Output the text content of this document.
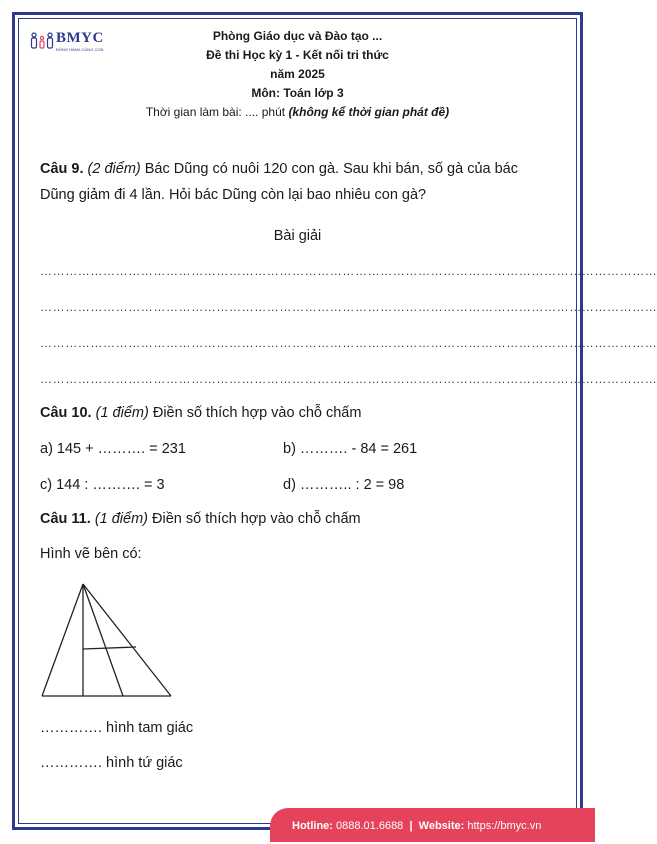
BMYC
ĐỒNG HÀNH CÙNG CON
Phòng Giáo dục và Đào tạo ...
Đề thi Học kỳ 1 - Kết nối tri thức
năm 2025
Môn: Toán lớp 3
Thời gian làm bài: .... phút (không kể thời gian phát đề)
Câu 9. (2 điểm) Bác Dũng có nuôi 120 con gà. Sau khi bán, số gà của bác
Dũng giảm đi 4 lần. Hỏi bác Dũng còn lại bao nhiêu con gà?
Bài giải
…………………………………………………………………………………………………………………………………
…………………………………………………………………………………………………………………………………
…………………………………………………………………………………………………………………………………
…………………………………………………………………………………………………………………………………
Câu 10. (1 điểm) Điền số thích hợp vào chỗ chấm
a) 145 + ………. = 231	b) ………. - 84 = 261
c) 144 : ………. = 3	d) ……….. : 2 = 98
Câu 11. (1 điểm) Điền số thích hợp vào chỗ chấm
Hình vẽ bên có:
…………. hình tam giác
…………. hình tứ giác
Hotline: 0888.01.6688 | Website: https://bmyc.vn
